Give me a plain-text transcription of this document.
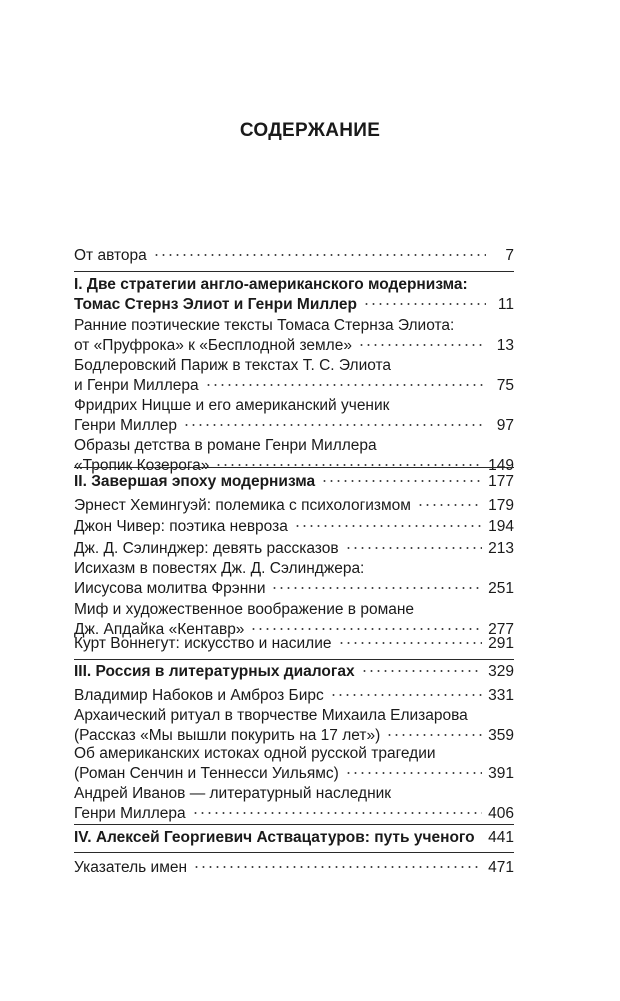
СОДЕРЖАНИЕ
От автора	7
I. Две стратегии англо-американского модернизма:
Томас Стернз Элиот и Генри Миллер	11
Ранние поэтические тексты Томаса Стернза Элиота:
от «Пруфрока» к «Бесплодной земле»	13
Бодлеровский Париж в текстах Т. С. Элиота
и Генри Миллера	75
Фридрих Ницше и его американский ученик
Генри Миллер	97
Образы детства в романе Генри Миллера
«Тропик Козерога»	149
II. Завершая эпоху модернизма	177
Эрнест Хемингуэй: полемика с психологизмом	179
Джон Чивер: поэтика невроза	194
Дж. Д. Сэлинджер: девять рассказов	213
Исихазм в повестях Дж. Д. Сэлинджера:
Иисусова молитва Фрэнни	251
Миф и художественное воображение в романе
Дж. Апдайка «Кентавр»	277
Курт Воннегут: искусство и насилие	291
III. Россия в литературных диалогах	329
Владимир Набоков и Амброз Бирс	331
Архаический ритуал в творчестве Михаила Елизарова
(Рассказ «Мы вышли покурить на 17 лет»)	359
Об американских истоках одной русской трагедии
(Роман Сенчин и Теннесси Уильямс)	391
Андрей Иванов — литературный наследник
Генри Миллера	406
IV. Алексей Георгиевич Аствацатуров: путь ученого 441
Указатель имен	471
